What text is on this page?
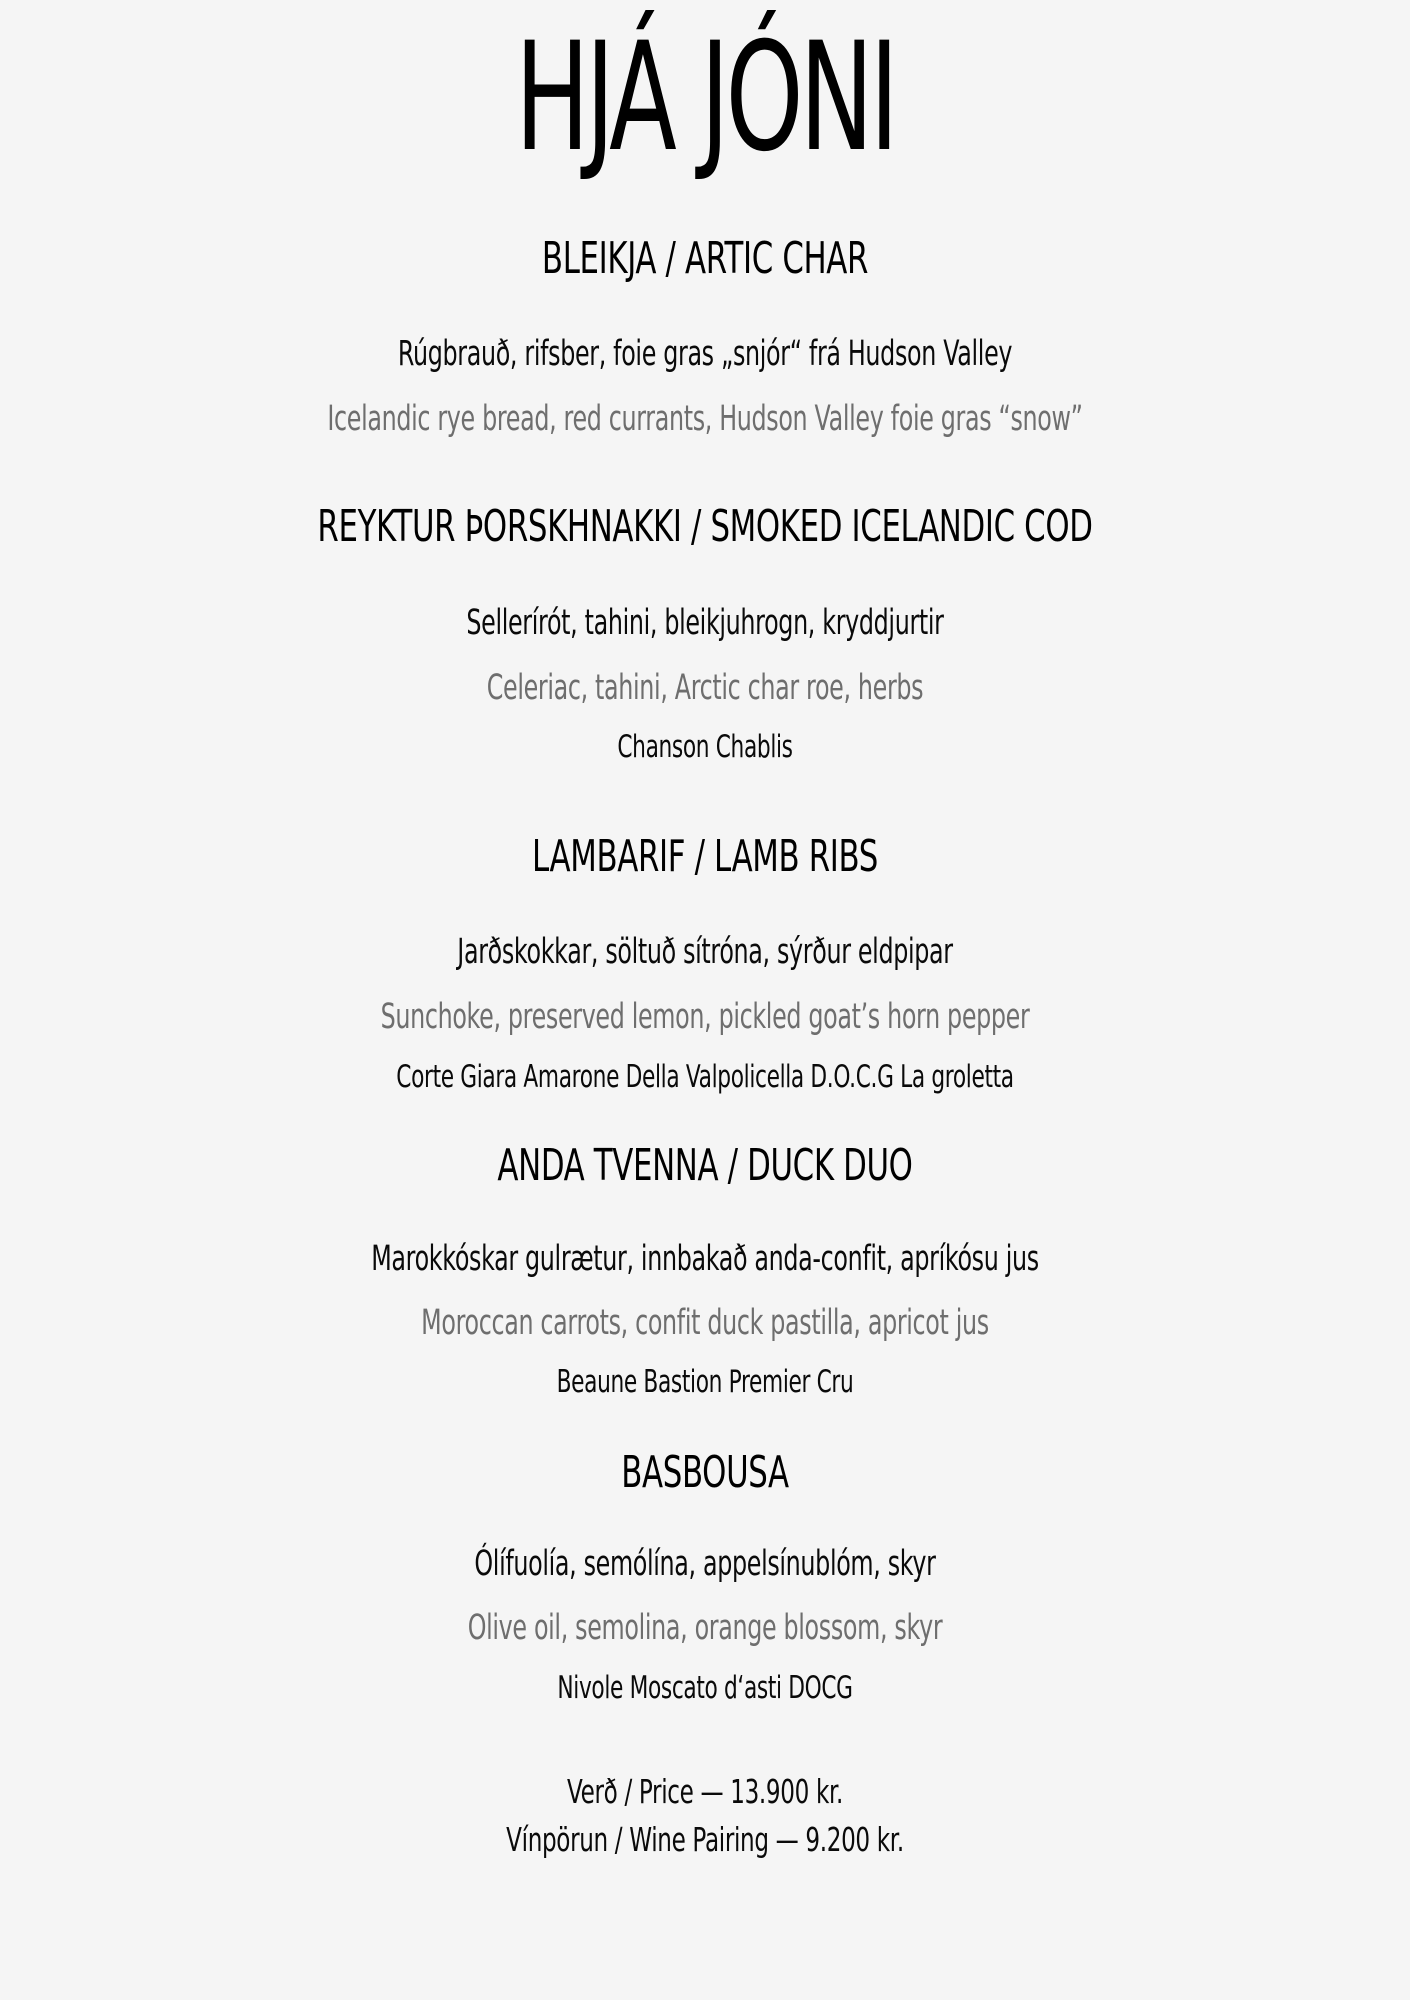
HJÁ JÓNI
BLEIKJA / ARTIC CHAR

Rúgbrauð, rifsber, foie gras „snjór“ frá Hudson Valley

Icelandic rye bread, red currants, Hudson Valley foie gras “snow”

REYKTUR ÞORSKHNAKKI / SMOKED ICELANDIC COD

Sellerírót, tahini, bleikjuhrogn, kryddjurtir

Celeriac, tahini, Arctic char roe, herbs

Chanson Chablis

LAMBARIF / LAMB RIBS

Jarðskokkar, söltuð sítróna, sýrður eldpipar

Sunchoke, preserved lemon, pickled goat’s horn pepper

Corte Giara Amarone Della Valpolicella D.O.C.G La groletta

ANDA TVENNA / DUCK DUO

Marokkóskar gulrætur, innbakað anda-confit, apríkósu jus

Moroccan carrots, confit duck pastilla, apricot jus

Beaune Bastion Premier Cru

BASBOUSA

Ólífuolía, semólína, appelsínublóm, skyr

Olive oil, semolina, orange blossom, skyr

Nivole Moscato d‘asti DOCG

Verð / Price — 13.900 kr.

Vínpörun / Wine Pairing — 9.200 kr.
